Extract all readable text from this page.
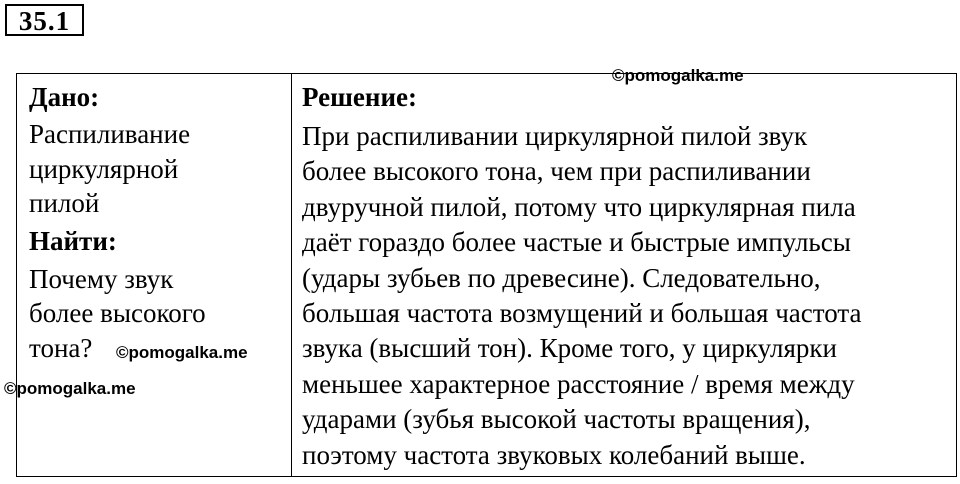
35.1
Дано:
Распиливание
циркулярной
пилой
Найти:
Почему звук
более высокого
тона?

Решение:
При распиливании циркулярной пилой звук
более высокого тона, чем при распиливании
двуручной пилой, потому что циркулярная пила
даёт гораздо более частые и быстрые импульсы
(удары зубьев по древесине). Следовательно,
большая частота возмущений и большая частота
звука (высший тон). Кроме того, у циркулярки
меньшее характерное расстояние / время между
ударами (зубья высокой частоты вращения),
поэтому частота звуковых колебаний выше.
©pomogalka.me
©pomogalka.me
©pomogalka.me
